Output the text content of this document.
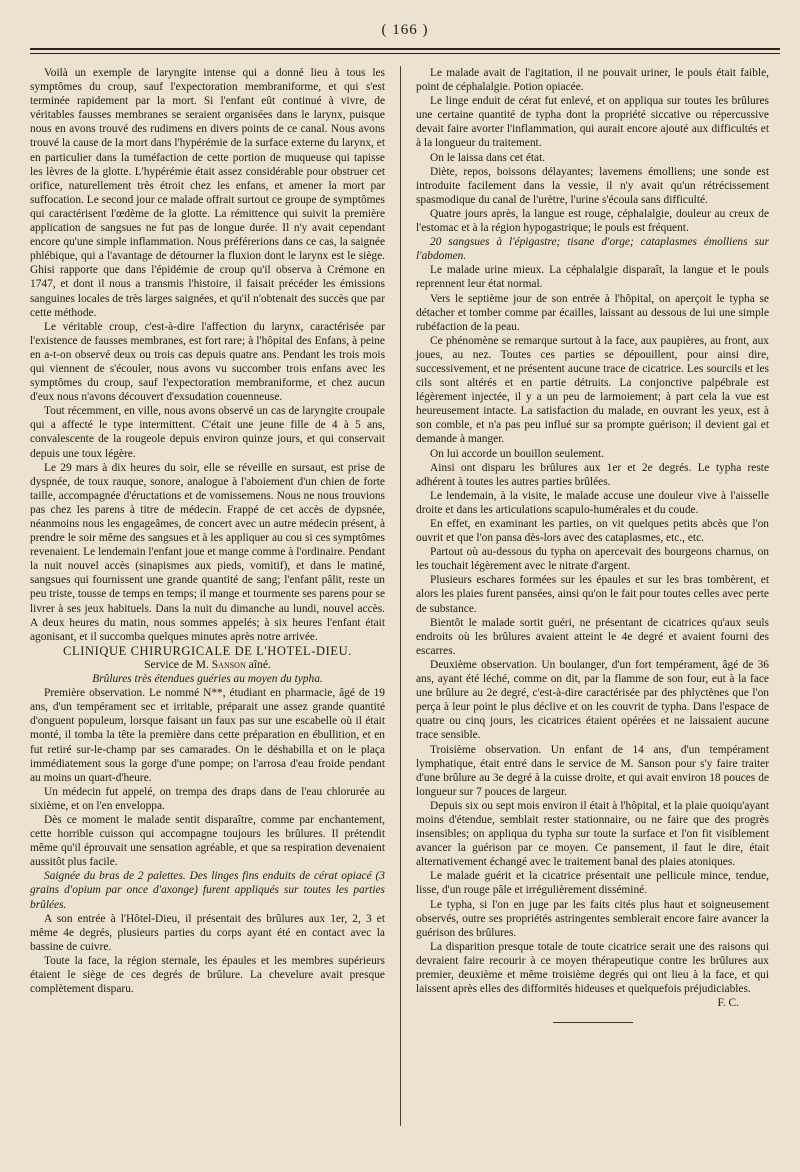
( 166 )

Voilà un exemple de laryngite intense qui a donné lieu à tous les symptômes du croup, sauf l'expectoration membraniforme, et qui s'est terminée rapidement par la mort. Si l'enfant eût continué à vivre, de véritables fausses membranes se seraient organisées dans le larynx, puisque nous en avons trouvé des rudimens en divers points de ce canal. Nous avons trouvé la cause de la mort dans l'hypérémie de la surface externe du larynx, et en particulier dans la tuméfaction de cette portion de muqueuse qui tapisse les lèvres de la glotte. L'hypérémie était assez considérable pour obstruer cet orifice, naturellement très étroit chez les enfans, et amener la mort par suffocation. Le second jour ce malade offrait surtout ce groupe de symptômes qui caractérisent l'œdème de la glotte. La rémittence qui suivit la première application de sangsues ne fut pas de longue durée. Il n'y avait cependant encore qu'une simple inflammation. Nous préférerions dans ce cas, la saignée phlébique, qui a l'avantage de détourner la fluxion dont le larynx est le siège. Ghisi rapporte que dans l'épidémie de croup qu'il observa à Crémone en 1747, et dont il nous a transmis l'histoire, il faisait précéder les émissions sanguines locales de très larges saignées, et qu'il n'obtenait des succès que par cette méthode.

Le véritable croup, c'est-à-dire l'affection du larynx, caractérisée par l'existence de fausses membranes, est fort rare; à l'hôpital des Enfans, à peine en a-t-on observé deux ou trois cas depuis quatre ans. Pendant les trois mois qui viennent de s'écouler, nous avons vu succomber trois enfans avec les symptômes du croup, sauf l'expectoration membraniforme, et chez aucun d'eux nous n'avons découvert d'exsudation couenneuse.

Tout récemment, en ville, nous avons observé un cas de laryngite croupale qui a affecté le type intermittent. C'était une jeune fille de 4 à 5 ans, convalescente de la rougeole depuis environ quinze jours, et qui conservait depuis une toux légère.

Le 29 mars à dix heures du soir, elle se réveille en sursaut, est prise de dyspnée, de toux rauque, sonore, analogue à l'aboiement d'un chien de forte taille, accompagnée d'éructations et de vomissemens. Nous ne nous trouvions pas chez les parens à titre de médecin. Frappé de cet accès de dypsnée, néanmoins nous les engageâmes, de concert avec un autre médecin présent, à prendre le soir même des sangsues et à les appliquer au cou si ces symptômes revenaient. Le lendemain l'enfant joue et mange comme à l'ordinaire. Pendant la nuit nouvel accès (sinapismes aux pieds, vomitif), et dans le matiné, sangsues qui fournissent une grande quantité de sang; l'enfant pâlit, reste un peu triste, tousse de temps en temps; il mange et tourmente ses parens pour se livrer à ses jeux habituels. Dans la nuit du dimanche au lundi, nouvel accès. A deux heures du matin, nous sommes appelés; à six heures l'enfant était agonisant, et il succomba quelques minutes après notre arrivée.

CLINIQUE CHIRURGICALE DE L'HOTEL-DIEU.

Service de M. Sanson aîné.

Brûlures très étendues guéries au moyen du typha.

Première observation. Le nommé N**, étudiant en pharmacie, âgé de 19 ans, d'un tempérament sec et irritable, préparait une assez grande quantité d'onguent populeum, lorsque faisant un faux pas sur une escabelle où il était monté, il tomba la tête la première dans cette préparation en ébullition, et en fut retiré sur-le-champ par ses camarades. On le déshabilla et on le plaça immédiatement sous la gorge d'une pompe; on l'arrosa d'eau froide pendant au moins un quart-d'heure.

Un médecin fut appelé, on trempa des draps dans de l'eau chlorurée au sixième, et on l'en enveloppa.

Dès ce moment le malade sentit disparaître, comme par enchantement, cette horrible cuisson qui accompagne toujours les brûlures. Il prétendit même qu'il éprouvait une sensation agréable, et que sa respiration devenaient aussitôt plus facile.

Saignée du bras de 2 palettes. Des linges fins enduits de cérat opiacé (3 grains d'opium par once d'axonge) furent appliqués sur toutes les parties brûlées.

A son entrée à l'Hôtel-Dieu, il présentait des brûlures aux 1er, 2, 3 et même 4e degrés, plusieurs parties du corps ayant été en contact avec la bassine de cuivre.

Toute la face, la région sternale, les épaules et les membres supérieurs étaient le siège de ces degrés de brûlure. La chevelure avait presque complètement disparu.

Le malade avait de l'agitation, il ne pouvait uriner, le pouls était faible, point de céphalalgie. Potion opiacée.

Le linge enduit de cérat fut enlevé, et on appliqua sur toutes les brûlures une certaine quantité de typha dont la propriété siccative ou répercussive devait faire avorter l'inflammation, qui aurait encore ajouté aux difficultés et à la longueur du traitement.

On le laissa dans cet état.

Diète, repos, boissons délayantes; lavemens émolliens; une sonde est introduite facilement dans la vessie, il n'y avait qu'un rétrécissement spasmodique du canal de l'urètre, l'urine s'écoula sans difficulté.

Quatre jours après, la langue est rouge, céphalalgie, douleur au creux de l'estomac et à la région hypogastrique; le pouls est fréquent.

20 sangsues à l'épigastre; tisane d'orge; cataplasmes émolliens sur l'abdomen.

Le malade urine mieux. La céphalalgie disparaît, la langue et le pouls reprennent leur état normal.

Vers le septième jour de son entrée à l'hôpital, on aperçoit le typha se détacher et tomber comme par écailles, laissant au dessous de lui une simple rubéfaction de la peau.

Ce phénomène se remarque surtout à la face, aux paupières, au front, aux joues, au nez. Toutes ces parties se dépouillent, pour ainsi dire, successivement, et ne présentent aucune trace de cicatrice. Les sourcils et les cils sont altérés et en partie détruits. La conjonctive palpébrale est légèrement injectée, il y a un peu de larmoiement; à part cela la vue est heureusement intacte. La satisfaction du malade, en ouvrant les yeux, est à son comble, et n'a pas peu influé sur sa prompte guérison; il devient gai et demande à manger.

On lui accorde un bouillon seulement.

Ainsi ont disparu les brûlures aux 1er et 2e degrés. Le typha reste adhérent à toutes les autres parties brûlées.

Le lendemain, à la visite, le malade accuse une douleur vive à l'aisselle droite et dans les articulations scapulo-humérales et du coude.

En effet, en examinant les parties, on vit quelques petits abcès que l'on ouvrit et que l'on pansa dès-lors avec des cataplasmes, etc., etc.

Partout où au-dessous du typha on apercevait des bourgeons charnus, on les touchait légèrement avec le nitrate d'argent.

Plusieurs eschares formées sur les épaules et sur les bras tombèrent, et alors les plaies furent pansées, ainsi qu'on le fait pour toutes celles avec perte de substance.

Bientôt le malade sortit guéri, ne présentant de cicatrices qu'aux seuls endroits où les brûlures avaient atteint le 4e degré et avaient fourni des escarres.

Deuxième observation. Un boulanger, d'un fort tempérament, âgé de 36 ans, ayant été léché, comme on dit, par la flamme de son four, eut à la face une brûlure au 2e degré, c'est-à-dire caractérisée par des phlyctènes que l'on perça à leur point le plus déclive et on les couvrit de typha. Dans l'espace de quatre ou cinq jours, les cicatrices étaient opérées et ne laissaient aucune trace sensible.

Troisième observation. Un enfant de 14 ans, d'un tempérament lymphatique, était entré dans le service de M. Sanson pour s'y faire traiter d'une brûlure au 3e degré à la cuisse droite, et qui avait environ 18 pouces de longueur sur 7 pouces de largeur.

Depuis six ou sept mois environ il était à l'hôpital, et la plaie quoiqu'ayant moins d'étendue, semblait rester stationnaire, ou ne faire que des progrès insensibles; on appliqua du typha sur toute la surface et l'on fit visiblement avancer la guérison par ce moyen. Ce pansement, il faut le dire, était alternativement échangé avec le traitement banal des plaies atoniques.

Le malade guérit et la cicatrice présentait une pellicule mince, tendue, lisse, d'un rouge pâle et irrégulièrement disséminé.

Le typha, si l'on en juge par les faits cités plus haut et soigneusement observés, outre ses propriétés astringentes semblerait encore faire avancer la guérison des brûlures.

La disparition presque totale de toute cicatrice serait une des raisons qui devraient faire recourir à ce moyen thérapeutique contre les brûlures aux premier, deuxième et même troisième degrés qui ont lieu à la face, et qui laissent après elles des difformités hideuses et quelquefois préjudiciables.

F. C.
